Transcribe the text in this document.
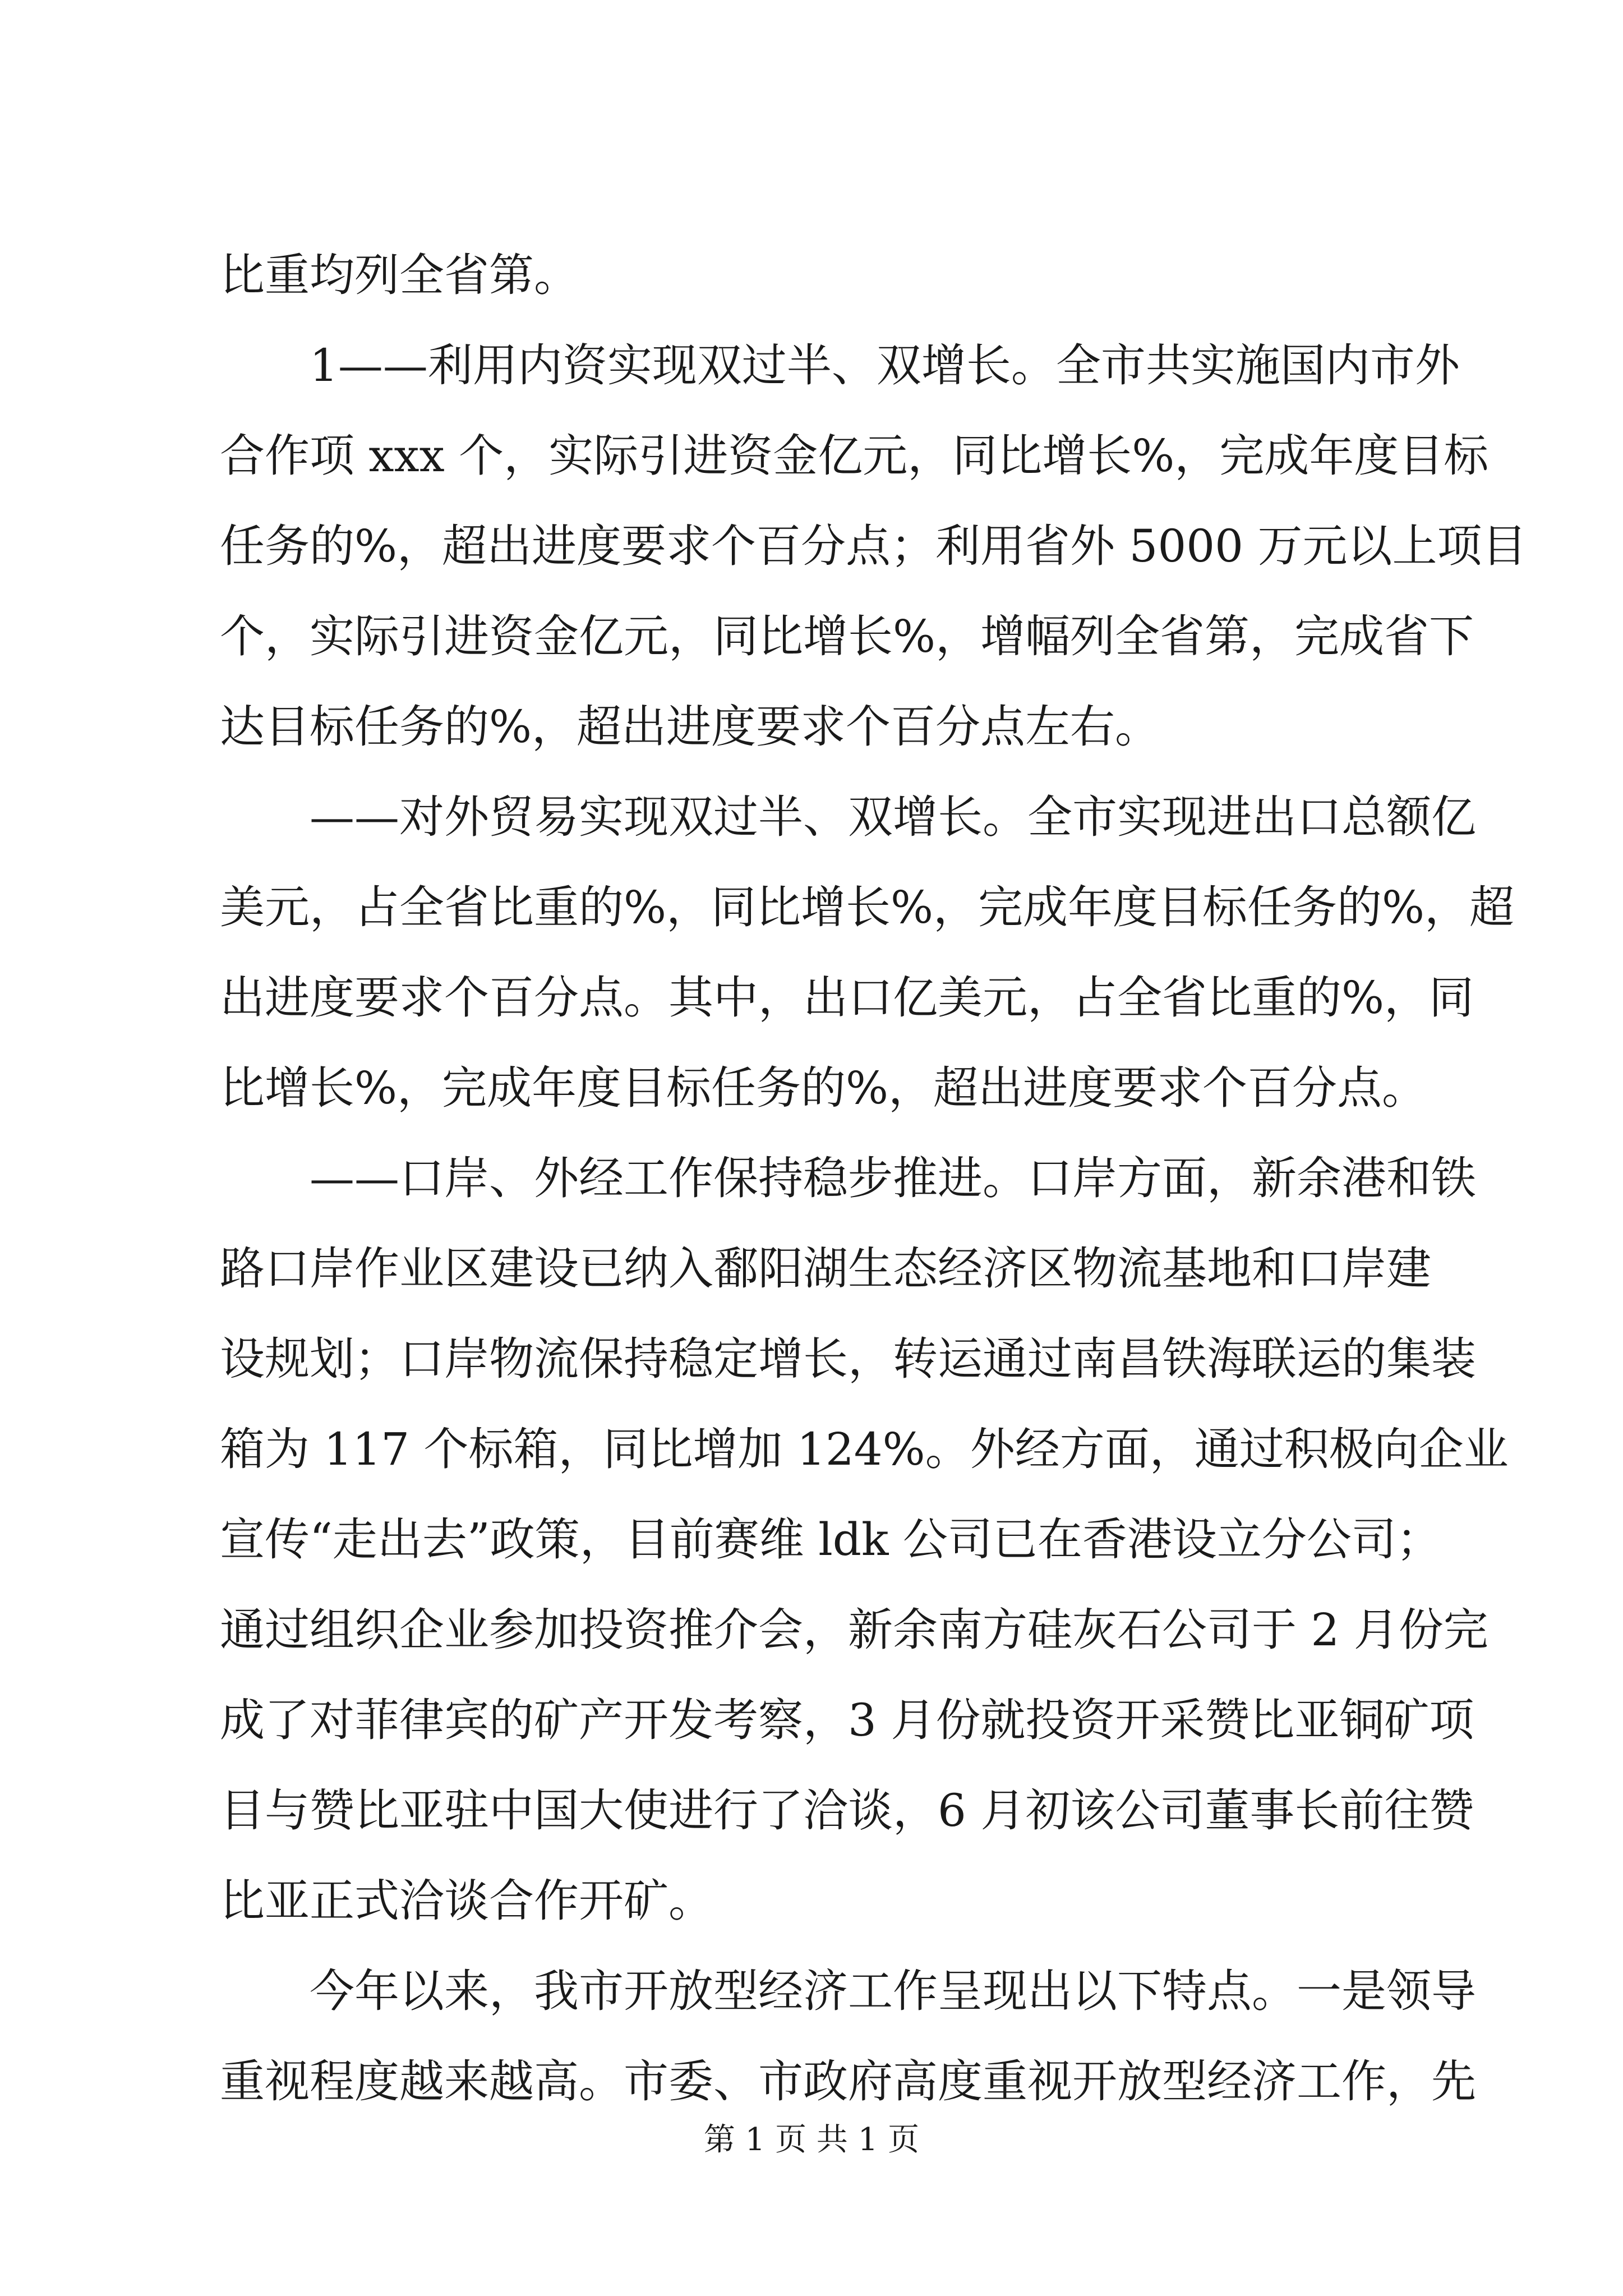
比重均列全省第。
1——利用内资实现双过半、双增长。全市共实施国内市外
合作项 xxx 个，实际引进资金亿元，同比增长%，完成年度目标
任务的%，超出进度要求个百分点；利用省外 5000 万元以上项目
个，实际引进资金亿元，同比增长%，增幅列全省第，完成省下
达目标任务的%，超出进度要求个百分点左右。
——对外贸易实现双过半、双增长。全市实现进出口总额亿
美元，占全省比重的%，同比增长%，完成年度目标任务的%，超
出进度要求个百分点。其中，出口亿美元，占全省比重的%，同
比增长%，完成年度目标任务的%，超出进度要求个百分点。
——口岸、外经工作保持稳步推进。口岸方面，新余港和铁
路口岸作业区建设已纳入鄱阳湖生态经济区物流基地和口岸建
设规划；口岸物流保持稳定增长，转运通过南昌铁海联运的集装
箱为 117 个标箱，同比增加 124%。外经方面，通过积极向企业
宣传“走出去”政策，目前赛维 ldk 公司已在香港设立分公司；
通过组织企业参加投资推介会，新余南方硅灰石公司于 2 月份完
成了对菲律宾的矿产开发考察，3 月份就投资开采赞比亚铜矿项
目与赞比亚驻中国大使进行了洽谈，6 月初该公司董事长前往赞
比亚正式洽谈合作开矿。
今年以来，我市开放型经济工作呈现出以下特点。一是领导
重视程度越来越高。市委、市政府高度重视开放型经济工作，先
第 1 页 共 1 页
